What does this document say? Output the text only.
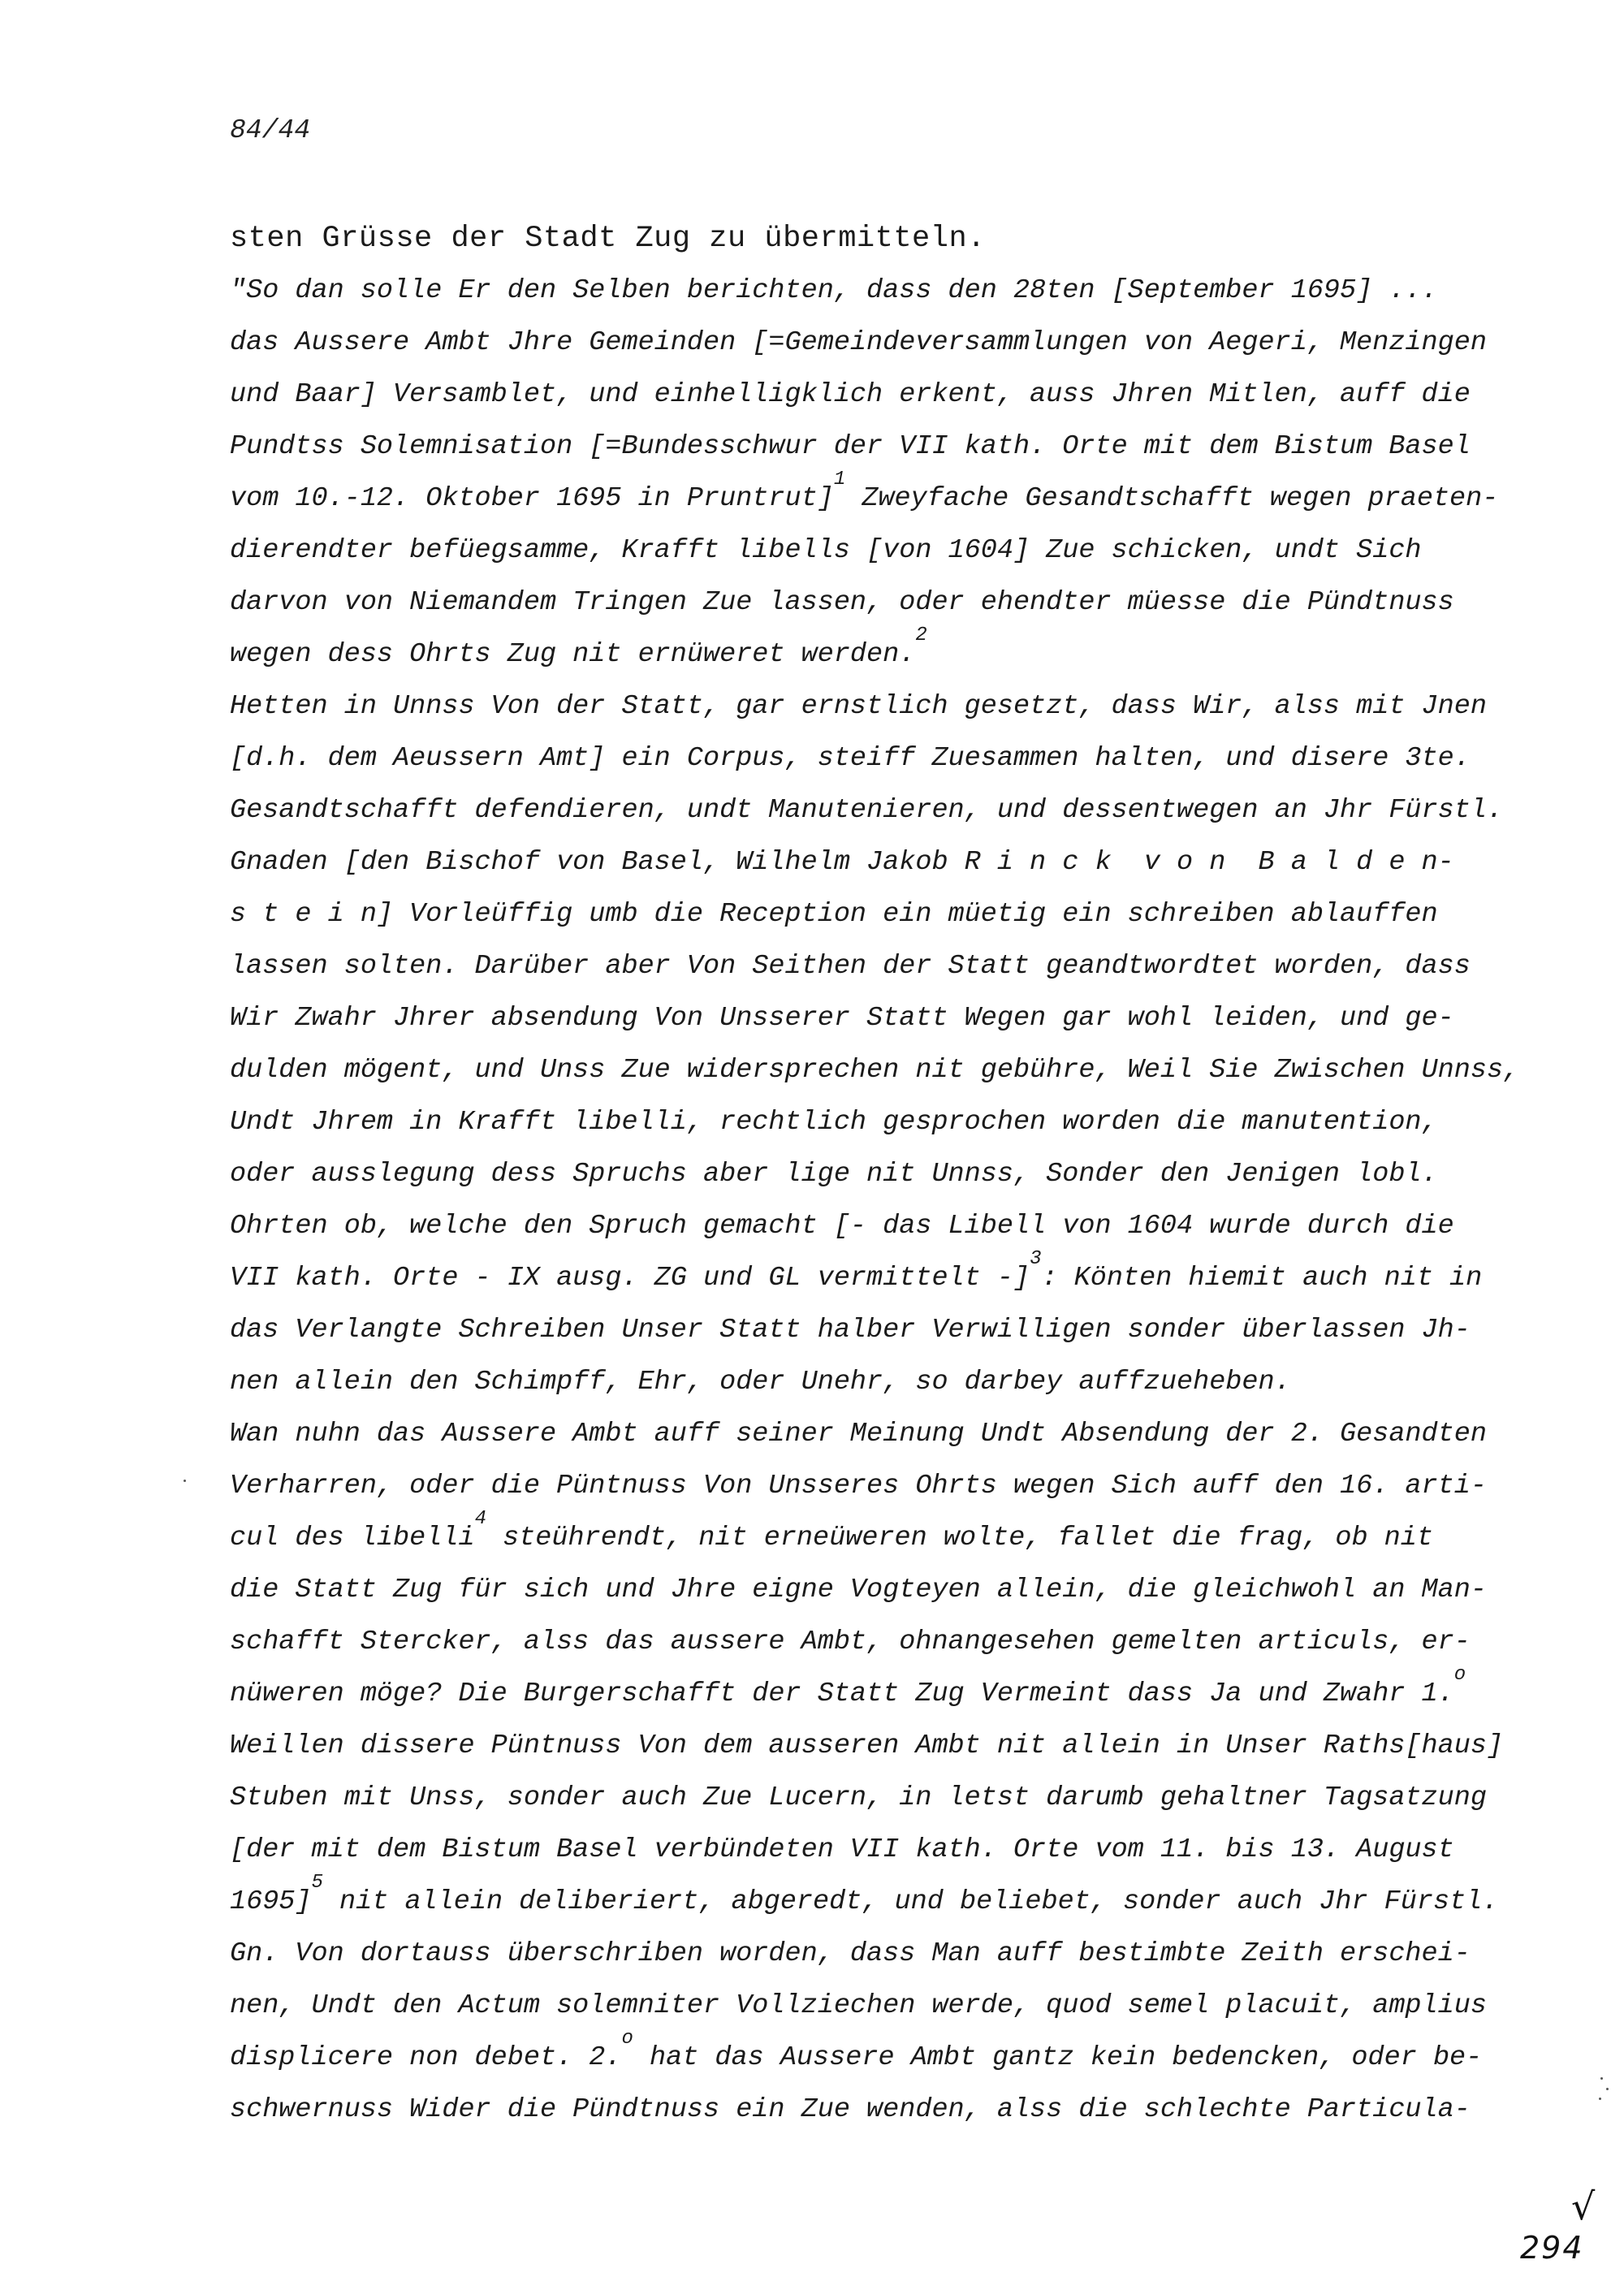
84/44
sten Grüsse der Stadt Zug zu übermitteln.
"So dan solle Er den Selben berichten, dass den 28ten [September 1695] ...
das Aussere Ambt Jhre Gemeinden [=Gemeindeversammlungen von Aegeri, Menzingen
und Baar] Versamblet, und einhelligklich erkent, auss Jhren Mitlen, auff die
Pundtss Solemnisation [=Bundesschwur der VII kath. Orte mit dem Bistum Basel
vom 10.-12. Oktober 1695 in Pruntrut]$^1$ Zweyfache Gesandtschafft wegen praeten-
dierendter befüegsamme, Krafft libells [von 1604] Zue schicken, undt Sich
darvon von Niemandem Tringen Zue lassen, oder ehendter müesse die Pündtnuss
wegen dess Ohrts Zug nit ernüweret werden.$^2$
Hetten in Unnss Von der Statt, gar ernstlich gesetzt, dass Wir, alss mit Jnen
[d.h. dem Aeussern Amt] ein Corpus, steiff Zuesammen halten, und disere 3te.
Gesandtschafft defendieren, undt Manutenieren, und dessentwegen an Jhr Fürstl.
Gnaden [den Bischof von Basel, Wilhelm Jakob R i n c k  v o n  B a l d e n-
s t e i n] Vorleüffig umb die Reception ein müetig ein schreiben ablauffen
lassen solten. Darüber aber Von Seithen der Statt geandtwordtet worden, dass
Wir Zwahr Jhrer absendung Von Unsserer Statt Wegen gar wohl leiden, und ge-
dulden mögent, und Unss Zue widersprechen nit gebühre, Weil Sie Zwischen Unnss,
Undt Jhrem in Krafft libelli, rechtlich gesprochen worden die manutention,
oder ausslegung dess Spruchs aber lige nit Unnss, Sonder den Jenigen lobl.
Ohrten ob, welche den Spruch gemacht [- das Libell von 1604 wurde durch die
VII kath. Orte - IX ausg. ZG und GL vermittelt -]$^3$: Könten hiemit auch nit in
das Verlangte Schreiben Unser Statt halber Verwilligen sonder überlassen Jh-
nen allein den Schimpff, Ehr, oder Unehr, so darbey auffzueheben.
Wan nuhn das Aussere Ambt auff seiner Meinung Undt Absendung der 2. Gesandten
Verharren, oder die Püntnuss Von Unsseres Ohrts wegen Sich auff den 16. arti-
cul des libelli$^4$ steührendt, nit erneüweren wolte, fallet die frag, ob nit
die Statt Zug für sich und Jhre eigne Vogteyen allein, die gleichwohl an Man-
schafft Stercker, alss das aussere Ambt, ohnangesehen gemelten articuls, er-
nüweren möge? Die Burgerschafft der Statt Zug Vermeint dass Ja und Zwahr 1.$^o$
Weillen dissere Püntnuss Von dem ausseren Ambt nit allein in Unser Raths[haus]
Stuben mit Unss, sonder auch Zue Lucern, in letst darumb gehaltner Tagsatzung
[der mit dem Bistum Basel verbündeten VII kath. Orte vom 11. bis 13. August
1695]$^5$ nit allein deliberiert, abgeredt, und beliebet, sonder auch Jhr Fürstl.
Gn. Von dortauss überschriben worden, dass Man auff bestimbte Zeith erschei-
nen, Undt den Actum solemniter Vollziechen werde, quod semel placuit, amplius
displicere non debet. 2.$^o$ hat das Aussere Ambt gantz kein bedencken, oder be-
schwernuss Wider die Pündtnuss ein Zue wenden, alss die schlechte Particula-
√
294
